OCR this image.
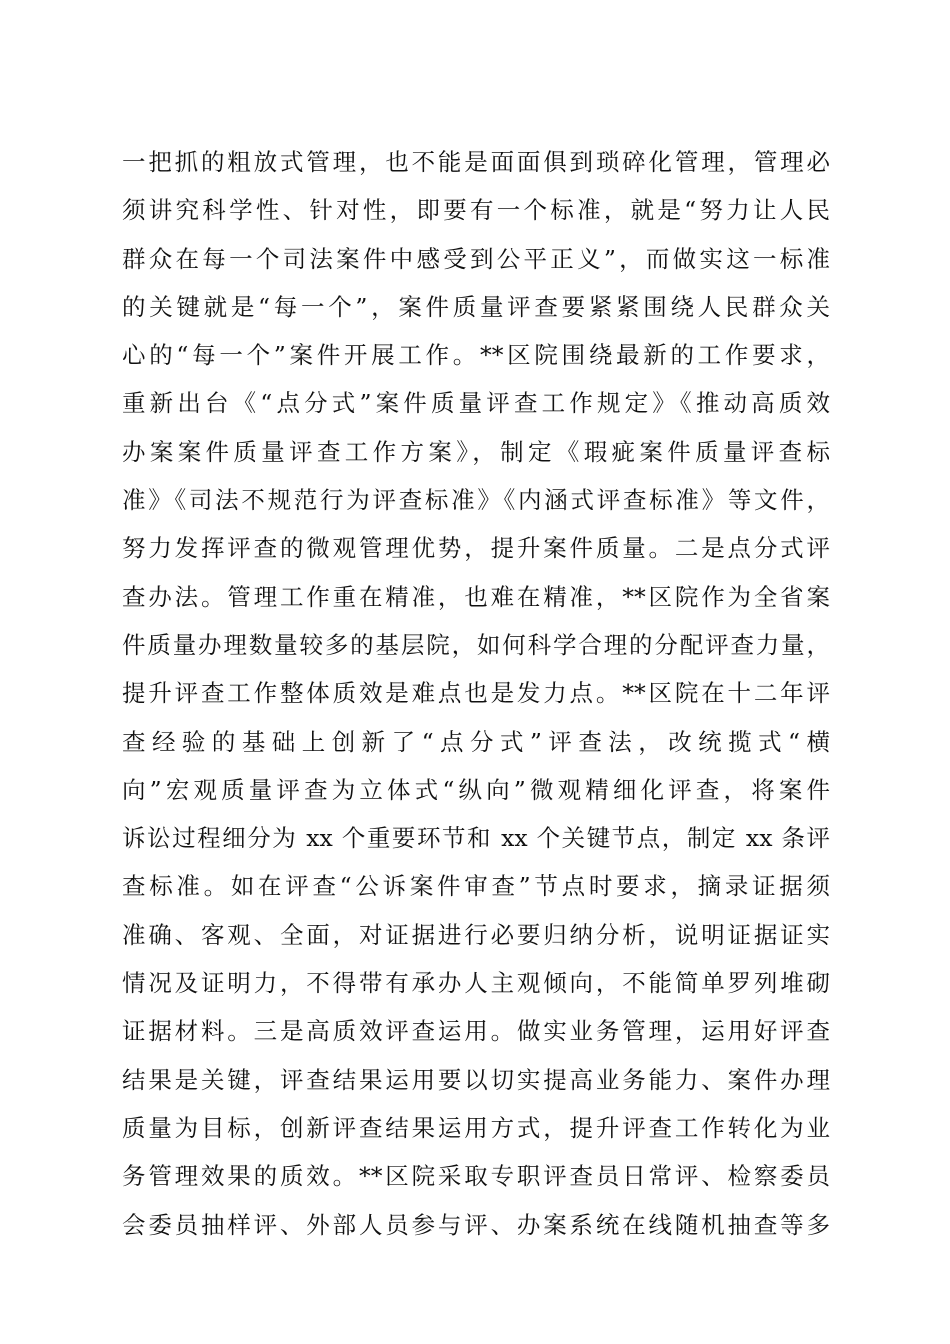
一把抓的粗放式管理，也不能是面面俱到琐碎化管理，管理必
须讲究科学性、针对性，即要有一个标准，就是“努力让人民
群众在每一个司法案件中感受到公平正义”，而做实这一标准
的关键就是“每一个”，案件质量评查要紧紧围绕人民群众关
心的“每一个”案件开展工作。**区院围绕最新的工作要求，
重新出台《“点分式”案件质量评查工作规定》《推动高质效
办案案件质量评查工作方案》，制定《瑕疵案件质量评查标
准》《司法不规范行为评查标准》《内涵式评查标准》等文件，
努力发挥评查的微观管理优势，提升案件质量。二是点分式评
查办法。管理工作重在精准，也难在精准，**区院作为全省案
件质量办理数量较多的基层院，如何科学合理的分配评查力量，
提升评查工作整体质效是难点也是发力点。**区院在十二年评
查经验的基础上创新了“点分式”评查法，改统揽式“横
向”宏观质量评查为立体式“纵向”微观精细化评查，将案件
诉讼过程细分为 xx 个重要环节和 xx 个关键节点，制定 xx 条评
查标准。如在评查“公诉案件审查”节点时要求，摘录证据须
准确、客观、全面，对证据进行必要归纳分析，说明证据证实
情况及证明力，不得带有承办人主观倾向，不能简单罗列堆砌
证据材料。三是高质效评查运用。做实业务管理，运用好评查
结果是关键，评查结果运用要以切实提高业务能力、案件办理
质量为目标，创新评查结果运用方式，提升评查工作转化为业
务管理效果的质效。**区院采取专职评查员日常评、检察委员
会委员抽样评、外部人员参与评、办案系统在线随机抽查等多
